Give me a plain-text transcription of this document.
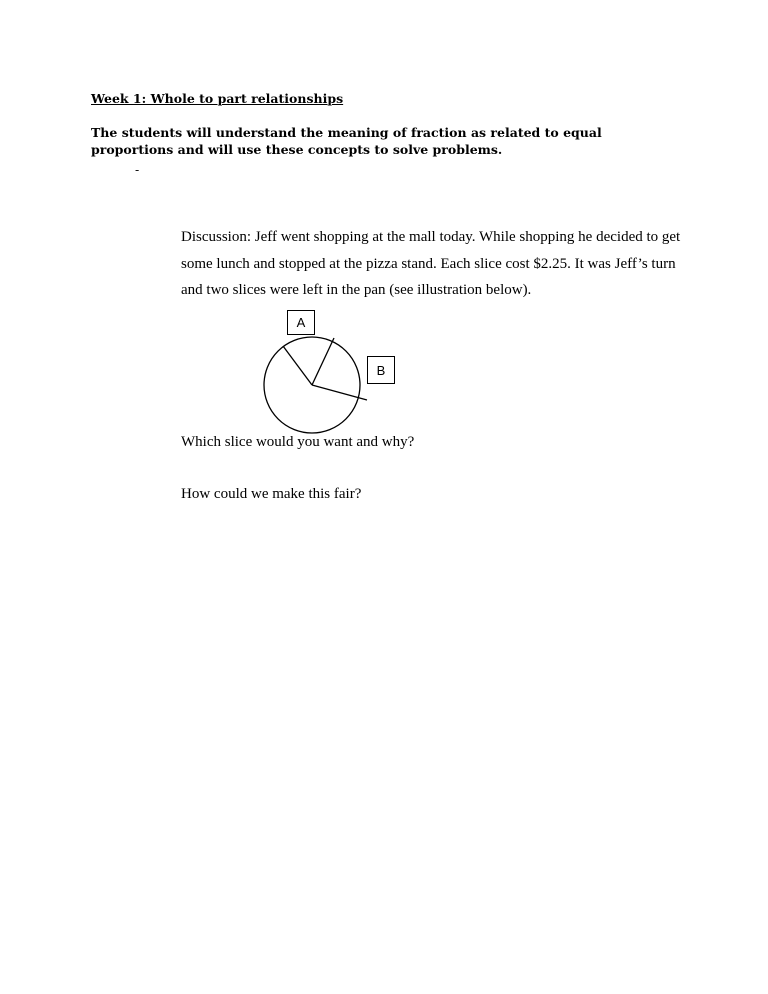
Week 1: Whole to part relationships
The students will understand the meaning of fraction as related to equal proportions and will use these concepts to solve problems.
-
Discussion: Jeff went shopping at the mall today. While shopping he decided to get some lunch and stopped at the pizza stand. Each slice cost $2.25. It was Jeff’s turn and two slices were left in the pan (see illustration below).
A
B
Which slice would you want and why?
How could we make this fair?
